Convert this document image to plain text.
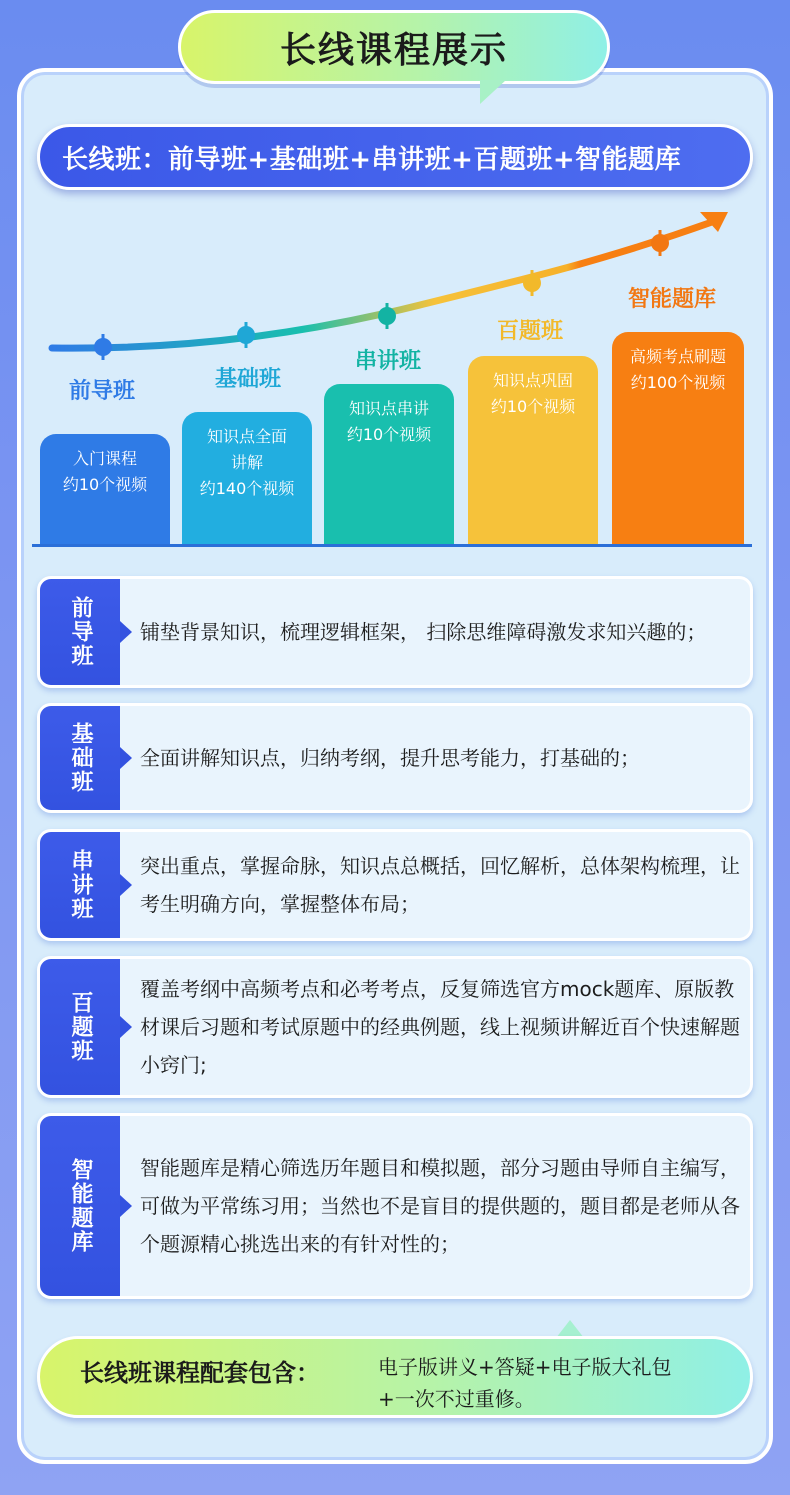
长线课程展示
长线班：前导班+基础班+串讲班+百题班+智能题库
前导班	基础班
串讲班
百题班
智能题库
入门课程
约10个视频
知识点全面
讲解
约140个视频
知识点串讲
约10个视频
知识点巩固
约10个视频
高频考点刷题
约100个视频
前导班 铺垫背景知识，梳理逻辑框架， 扫除思维障碍激发求知兴趣的；
基础班 全面讲解知识点，归纳考纲，提升思考能力，打基础的；
串讲班 突出重点，掌握命脉，知识点总概括，回忆解析，总体架构梳理，让考生明确方向，掌握整体布局；
百题班
覆盖考纲中高频考点和必考考点，反复筛选官方mock题库、原版教材课后习题和考试原题中的经典例题，线上视频讲解近百个快速解题小窍门;
智能题库 智能题库是精心筛选历年题目和模拟题，部分习题由导师自主编写，可做为平常练习用；当然也不是盲目的提供题的，题目都是老师从各个题源精心挑选出来的有针对性的；
长线班课程配套包含：	电子版讲义+答疑+电子版大礼包
+一次不过重修。
